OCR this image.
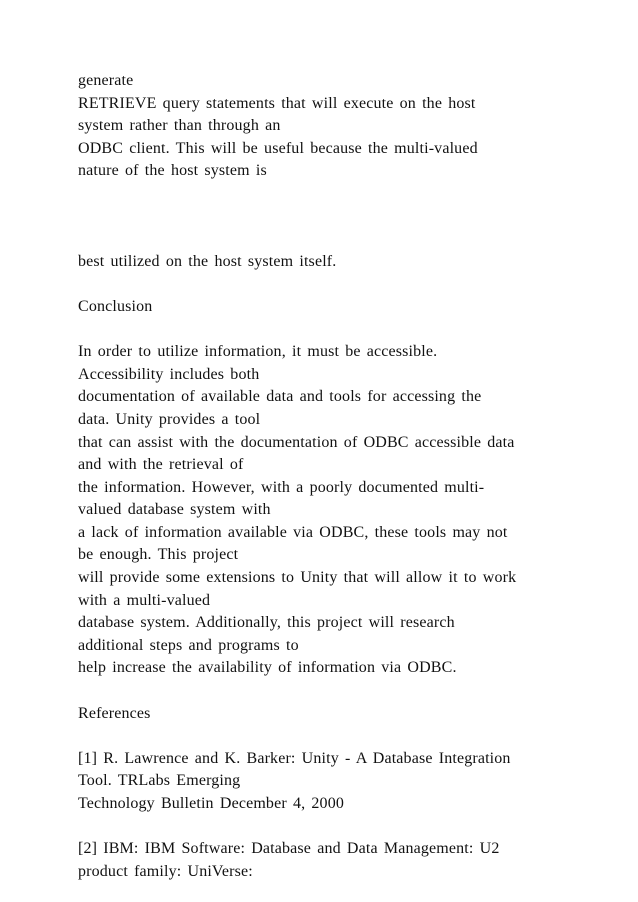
generate
RETRIEVE query statements that will execute on the host
system rather than through an
ODBC client. This will be useful because the multi-valued
nature of the host system is
best utilized on the host system itself.
Conclusion
In order to utilize information, it must be accessible.
Accessibility includes both
documentation of available data and tools for accessing the
data. Unity provides a tool
that can assist with the documentation of ODBC accessible data
and with the retrieval of
the information. However, with a poorly documented multi-
valued database system with
a lack of information available via ODBC, these tools may not
be enough. This project
will provide some extensions to Unity that will allow it to work
with a multi-valued
database system. Additionally, this project will research
additional steps and programs to
help increase the availability of information via ODBC.
References
[1] R. Lawrence and K. Barker: Unity - A Database Integration
Tool. TRLabs Emerging
Technology Bulletin December 4, 2000
[2] IBM: IBM Software: Database and Data Management: U2
product family: UniVerse:
